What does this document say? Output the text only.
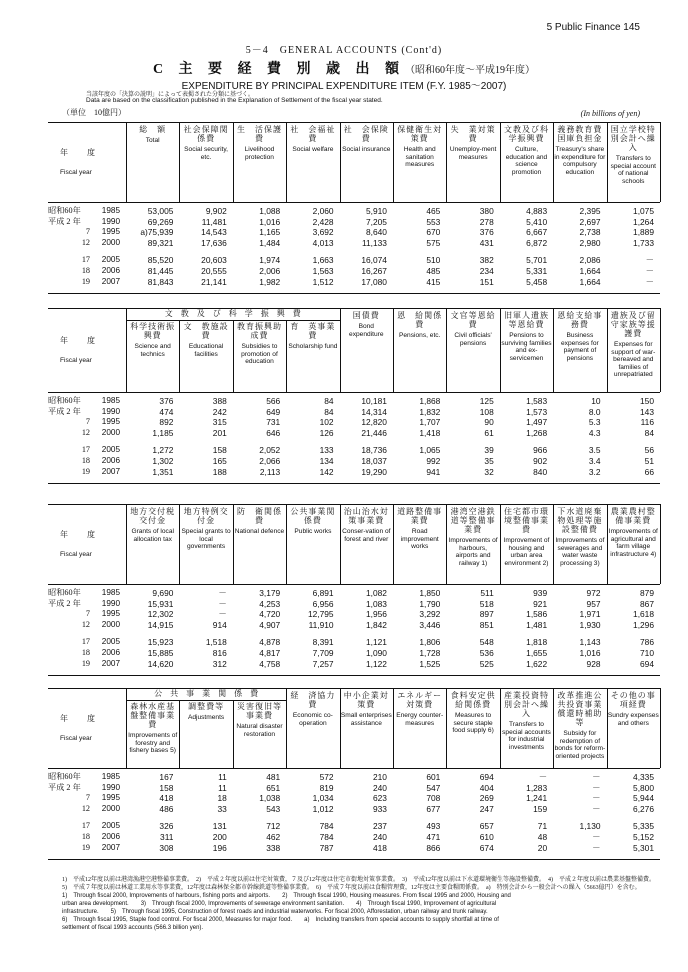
5 Public Finance 145
5－4　GENERAL ACCOUNTS (Cont'd)
C 主 要 経 費 別 歳 出 額（昭和60年度～平成19年度）
EXPENDITURE BY PRINCIPAL EXPENDITURE ITEM (F.Y. 1985～2007)
当該年度の「決算の説明」によって表掲された分類に基づく。
Data are based on the classification published in the Explanation of Settlement of the fiscal year stated.
（単位　10億円）	(In billions of yen)
年　　度
Fiscal year
総　額
Total
社会保障関係費
Social security, etc.
生　活保護費
Livelihood protection
社　会福祉費
Social welfare
社　会保険費
Social insurance
保健衛生対策費
Health and sanitation measures
失　業対策費
Unemploy-ment measures
文教及び科学振興費
Culture, education and science promotion
義務教育費国庫負担金
Treasury's share in expenditure for compulsory education
国立学校特別会計へ繰入
Transfers to special account of national schools
昭和60年 1985	53,005	9,902	1,088	2,060	5,910	465	380	4,883	2,395	1,075
平成 2 年 1990	69,269	11,481	1,016	2,428	7,205	553	278	5,410	2,697	1,264
7 1995	a)75,939	14,543	1,165	3,692	8,640	670	376	6,667	2,738	1,889
12 2000	89,321	17,636	1,484	4,013	11,133	575	431	6,872	2,980	1,733

17 2005	85,520	20,603	1,974	1,663	16,074	510	382	5,701	2,086	－
18 2006	81,445	20,555	2,006	1,563	16,267	485	234	5,331	1,664	－
19 2007	81,843	21,141	1,982	1,512	17,080	415	151	5,458	1,664	－
文　教　及　び　科　学　振　興　費
年　　度
Fiscal year
科学技術振興費
Science and technics
文　教施設費
Educational facilities
教育振興助成費
Subsidies to promotion of education
育　英事業費
Scholarship fund
国債費
Bond expenditure
恩　給関係費
Pensions, etc.
文官等恩給費
Civil officials' pensions
旧軍人遺族等恩給費
Pensions to surviving families and ex-servicemen
恩給支給事務費
Business expenses for payment of pensions
遺族及び留守家族等援護費
Expenses for support of war-bereaved and families of unrepatriated
昭和60年 1985	376	388	566	84	10,181	1,868	125	1,583	10	150
平成 2 年 1990	474	242	649	84	14,314	1,832	108	1,573	8.0	143
7 1995	892	315	731	102	12,820	1,707	90	1,497	5.3	116
12 2000	1,185	201	646	126	21,446	1,418	61	1,268	4.3	84

17 2005	1,272	158	2,052	133	18,736	1,065	39	966	3.5	56
18 2006	1,302	165	2,066	134	18,037	992	35	902	3.4	51
19 2007	1,351	188	2,113	142	19,290	941	32	840	3.2	66
年　　度
Fiscal year
地方交付税交付金
Grants of local allocation tax
地方特例交付金
Special grants to local governments
防　衛関係費
National defence
公共事業関係費
Public works
治山治水対策事業費
Conser-vation of forest and river
道路整備事業費
Road improvement works
港湾空港鉄道等整備事業費
Improvements of harbours, airports and railway 1)
住宅都市環境整備事業費
Improvement of housing and urban area environment 2)
下水道廃棄物処理等施設整備費
Improvements of sewerages and water waste processing 3)
農業農村整備事業費
Improvements of agricultural and farm village infrastructure 4)
昭和60年 1985	9,690	－	3,179	6,891	1,082	1,850	511	939	972	879
平成 2 年 1990	15,931	－	4,253	6,956	1,083	1,790	518	921	957	867
7 1995	12,302	－	4,720	12,795	1,956	3,292	897	1,586	1,971	1,618
12 2000	14,915	914	4,907	11,910	1,842	3,446	851	1,481	1,930	1,296

17 2005	15,923	1,518	4,878	8,391	1,121	1,806	548	1,818	1,143	786
18 2006	15,885	816	4,817	7,709	1,090	1,728	536	1,655	1,016	710
19 2007	14,620	312	4,758	7,257	1,122	1,525	525	1,622	928	694
公　共　事　業　関　係　費
年　　度
Fiscal year
森林水産基盤整備事業費
Improvements of forestry and fishery bases 5)
調整費等
Adjustments
災害復旧等事業費
Natural disaster restoration
経　済協力費
Economic co-operation
中小企業対策費
Small enterprises assistance
エネルギー対策費
Energy counter-measures
食料安定供給関係費
Measures to secure staple food supply 6)
産業投資特別会計へ繰入
Transfers to special accounts for industrial investments
改革推進公共投資事業償還時補助等
Subsidy for redemption of bonds for reform-oriented projects
その他の事項経費
Sundry expenses and others
昭和60年 1985	167	11	481	572	210	601	694	－	－	4,335
平成 2 年 1990	158	11	651	819	240	547	404	1,283	－	5,800
7 1995	418	18	1,038	1,034	623	708	269	1,241	－	5,944
12 2000	486	33	543	1,012	933	677	247	159	－	6,276

17 2005	326	131	712	784	237	493	657	71	1,130	5,335
18 2006	311	200	462	784	240	471	610	48	－	5,152
19 2007	308	196	338	787	418	866	674	20	－	5,301
1)　平成12年度以前は港湾漁港空港整備事業費。　2)　平成２年度以前は住宅対策費，７及び12年度は住宅市街地対策事業費。　3)　平成12年度以前は下水道環境衛生等施設整備費。　4)　平成２年度以前は農業基盤整備費。　5)　平成７年度以前は林道工業用水等事業費，12年度は森林保全都市幹線鉄道等整備事業費。　6)　平成７年度以前は食糧管理費，12年度は主要食糧関係費。　a)　特別会計から一般会計への繰入（5663億円）を含む。
1)　Through fiscal 2000, Improvements of harbours, fishing ports and airports.　　2)　Through fiscal 1990, Housing measures. From fiscal 1995 and 2000, Housing and
urban area development.　　3)　Through fiscal 2000, Improvements of sewerage environment sanitation.　　4)　Through fiscal 1990, Improvement of agricultural
infrastructure.　　5)　Through fiscal 1995, Construction of forest roads and industrial waterworks. For fiscal 2000, Afforestation, urban railway and trunk railway.
6)　Through fiscal 1995, Staple food control. For fiscal 2000, Measures for major food.　　a)　Including transfers from special accounts to supply shortfall at time of
settlement of fiscal 1993 accounts (566.3 billion yen).
